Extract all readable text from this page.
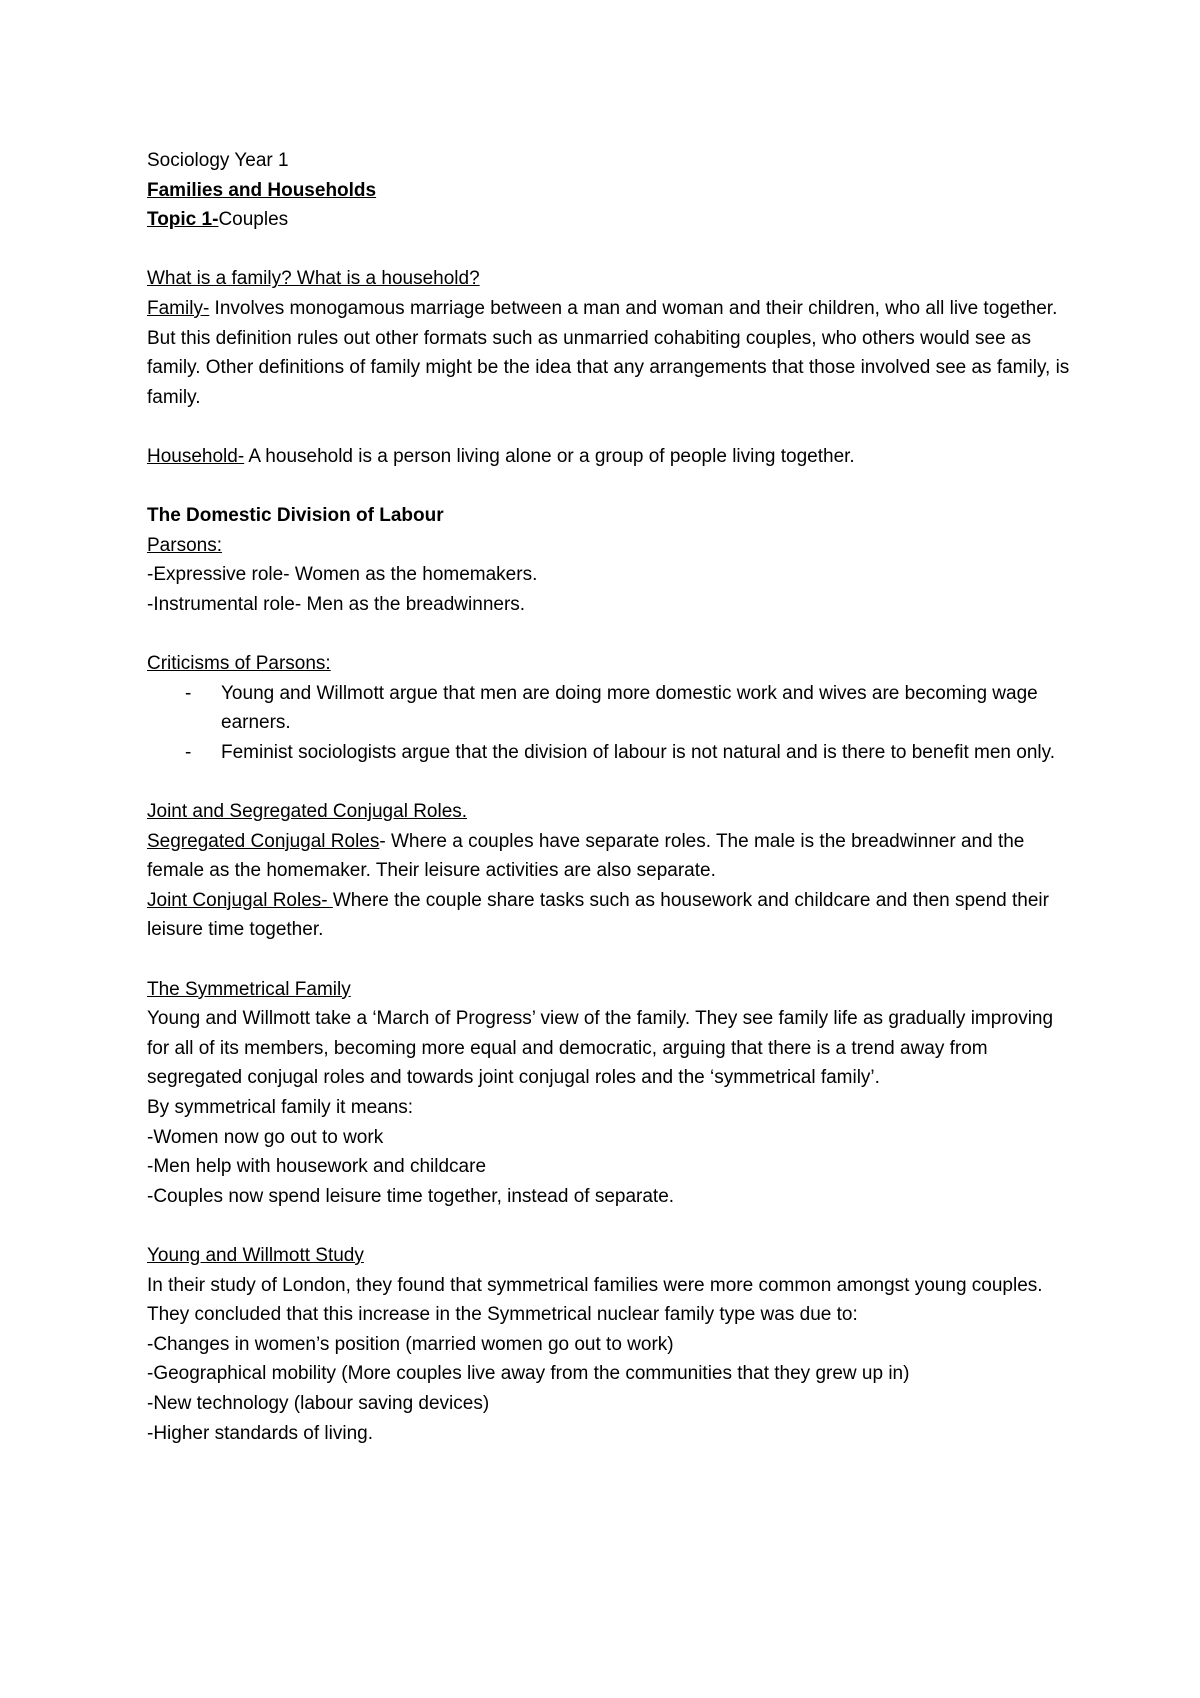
Sociology Year 1
Families and Households
Topic 1-Couples
What is a family? What is a household?
Family- Involves monogamous marriage between a man and woman and their children, who all live together. But this definition rules out other formats such as unmarried cohabiting couples, who others would see as family. Other definitions of family might be the idea that any arrangements that those involved see as family, is family.
Household- A household is a person living alone or a group of people living together.
The Domestic Division of Labour
Parsons:
-Expressive role- Women as the homemakers.
-Instrumental role- Men as the breadwinners.
Criticisms of Parsons:
-	Young and Willmott argue that men are doing more domestic work and wives are becoming wage earners.
-	Feminist sociologists argue that the division of labour is not natural and is there to benefit men only.
Joint and Segregated Conjugal Roles.
Segregated Conjugal Roles- Where a couples have separate roles. The male is the breadwinner and the female as the homemaker. Their leisure activities are also separate.
Joint Conjugal Roles- Where the couple share tasks such as housework and childcare and then spend their leisure time together.
The Symmetrical Family
Young and Willmott take a ‘March of Progress’ view of the family. They see family life as gradually improving for all of its members, becoming more equal and democratic, arguing that there is a trend away from segregated conjugal roles and towards joint conjugal roles and the ‘symmetrical family’.
By symmetrical family it means:
-Women now go out to work
-Men help with housework and childcare
-Couples now spend leisure time together, instead of separate.
Young and Willmott Study
In their study of London, they found that symmetrical families were more common amongst young couples. They concluded that this increase in the Symmetrical nuclear family type was due to:
-Changes in women’s position (married women go out to work)
-Geographical mobility (More couples live away from the communities that they grew up in)
-New technology (labour saving devices)
-Higher standards of living.
